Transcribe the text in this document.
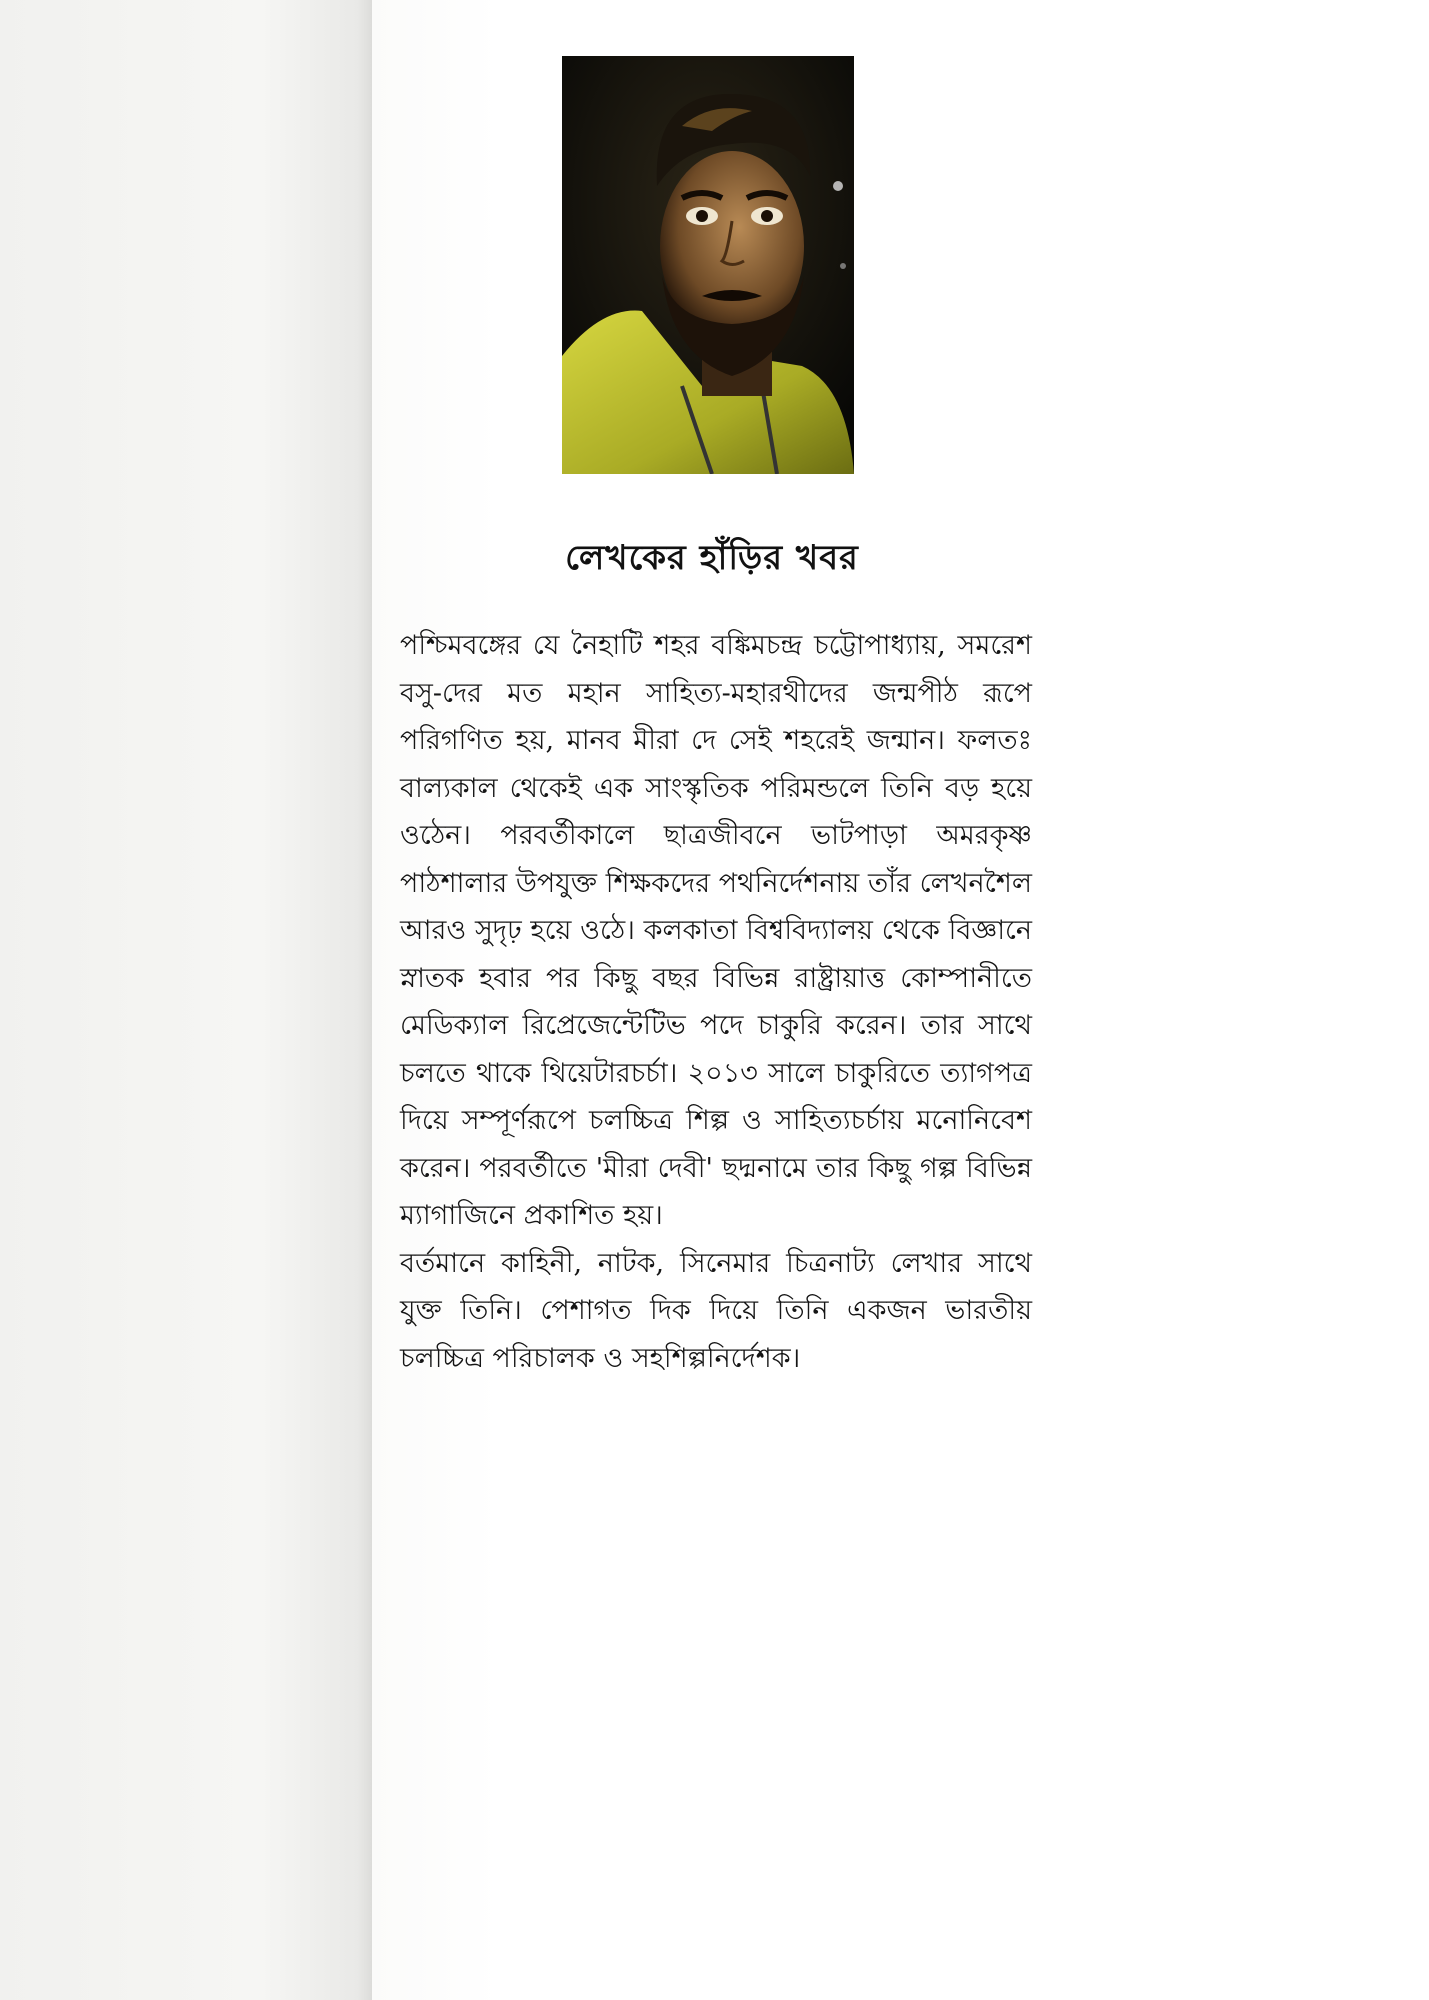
লেখকের হাঁড়ির খবর

পশ্চিমবঙ্গের যে নৈহাটি শহর বঙ্কিমচন্দ্র চট্টোপাধ্যায়, সমরেশ বসু-দের মত মহান সাহিত্য-মহারথীদের জন্মপীঠ রূপে পরিগণিত হয়, মানব মীরা দে সেই শহরেই জন্মান। ফলতঃ বাল্যকাল থেকেই এক সাংস্কৃতিক পরিমন্ডলে তিনি বড় হয়ে ওঠেন। পরবর্তীকালে ছাত্রজীবনে ভাটপাড়া অমরকৃষ্ণ পাঠশালার উপযুক্ত শিক্ষকদের পথনির্দেশনায় তাঁর লেখনশৈল আরও সুদৃঢ় হয়ে ওঠে। কলকাতা বিশ্ববিদ্যালয় থেকে বিজ্ঞানে স্নাতক হবার পর কিছু বছর বিভিন্ন রাষ্ট্রায়াত্ত কোম্পানীতে মেডিক্যাল রিপ্রেজেন্টেটিভ পদে চাকুরি করেন। তার সাথে চলতে থাকে থিয়েটারচর্চা। ২০১৩ সালে চাকুরিতে ত্যাগপত্র দিয়ে সম্পূর্ণরূপে চলচ্চিত্র শিল্প ও সাহিত্যচর্চায় মনোনিবেশ করেন। পরবর্তীতে 'মীরা দেবী' ছদ্মনামে তার কিছু গল্প বিভিন্ন ম্যাগাজিনে প্রকাশিত হয়।

বর্তমানে কাহিনী, নাটক, সিনেমার চিত্রনাট্য লেখার সাথে যুক্ত তিনি। পেশাগত দিক দিয়ে তিনি একজন ভারতীয় চলচ্চিত্র পরিচালক ও সহশিল্পনির্দেশক।
